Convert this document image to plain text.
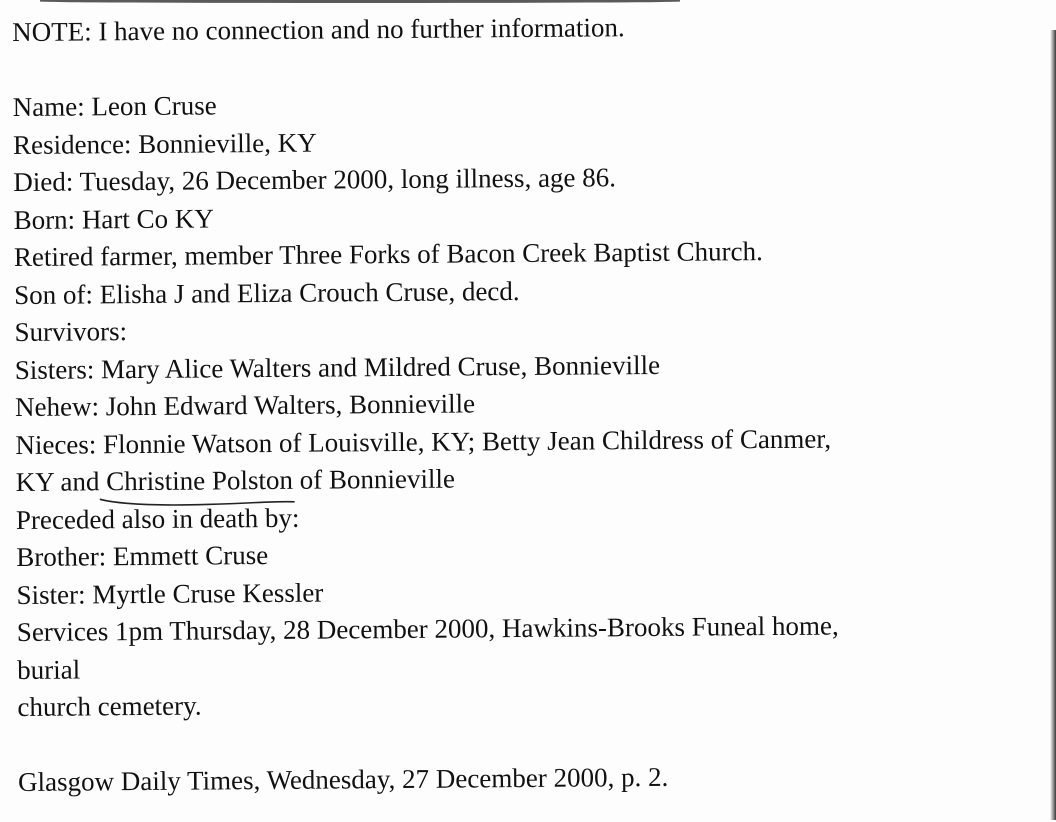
NOTE: I have no connection and no further information.
Name: Leon Cruse
Residence: Bonnieville, KY
Died: Tuesday, 26 December 2000, long illness, age 86.
Born: Hart Co KY
Retired farmer, member Three Forks of Bacon Creek Baptist Church.
Son of: Elisha J and Eliza Crouch Cruse, decd.
Survivors:
Sisters: Mary Alice Walters and Mildred Cruse, Bonnieville
Nehew: John Edward Walters, Bonnieville
Nieces: Flonnie Watson of Louisville, KY; Betty Jean Childress of Canmer,
KY and Christine Polston
of Bonnieville
Preceded also in death by:
Brother: Emmett Cruse
Sister: Myrtle Cruse Kessler
Services 1pm Thursday, 28 December 2000, Hawkins-Brooks Funeal home,
burial
church cemetery.
Glasgow Daily Times, Wednesday, 27 December 2000, p. 2.
